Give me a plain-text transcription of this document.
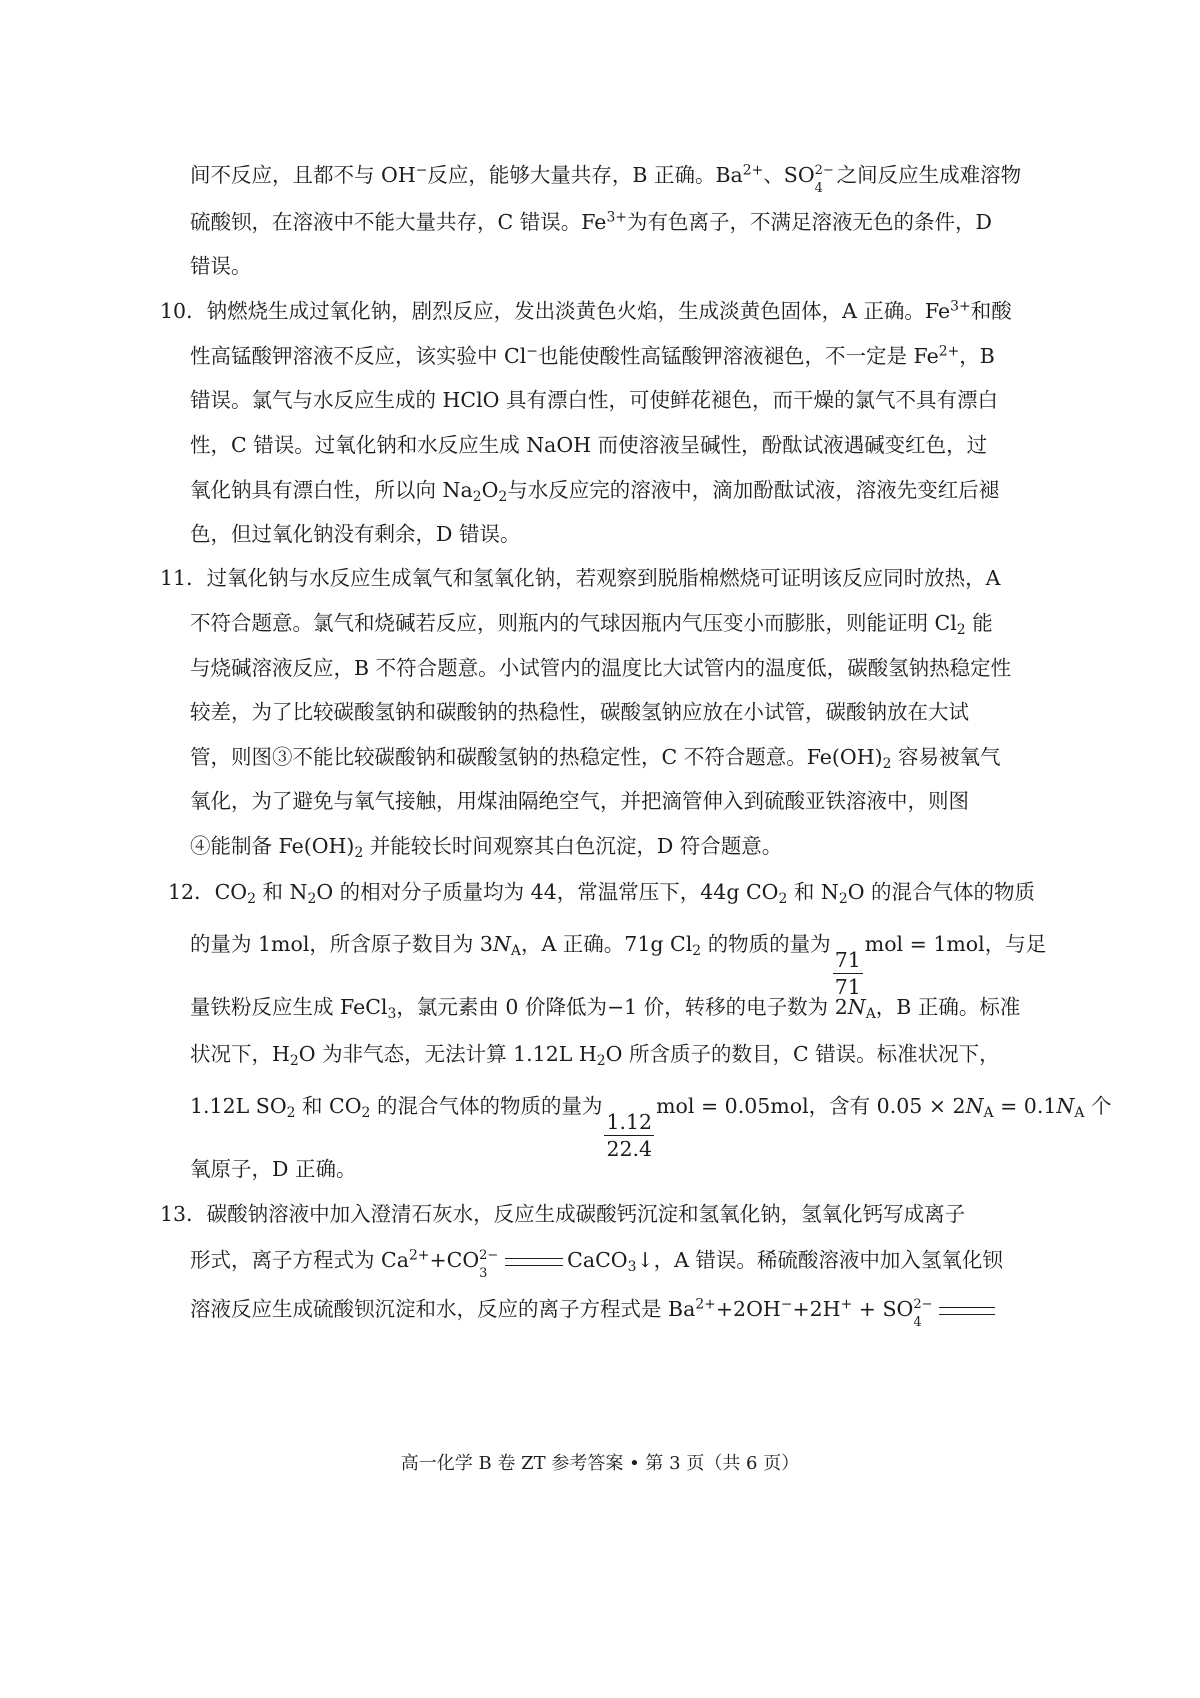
间不反应，且都不与 OH−反应，能够大量共存，B 正确。$Ba^{2+}$、SO 2−
4
之间反应生成难溶物
硫酸钡，在溶液中不能大量共存，C 错误。$Fe^{3+}$为有色离子，不满足溶液无色的条件，D
错误。
10．钠燃烧生成过氧化钠，剧烈反应，发出淡黄色火焰，生成淡黄色固体，A 正确。$Fe^{3+}$和酸
性高锰酸钾溶液不反应，该实验中 Cl−也能使酸性高锰酸钾溶液褪色，不一定是 $Fe^{2+}$，B
错误。氯气与水反应生成的 HClO 具有漂白性，可使鲜花褪色，而干燥的氯气不具有漂白
性，C 错误。过氧化钠和水反应生成 NaOH 而使溶液呈碱性，酚酞试液遇碱变红色，过
氧化钠具有漂白性，所以向 $Na_2O_2$与水反应完的溶液中，滴加酚酞试液，溶液先变红后褪
色，但过氧化钠没有剩余，D 错误。
11．过氧化钠与水反应生成氧气和氢氧化钠，若观察到脱脂棉燃烧可证明该反应同时放热，A
不符合题意。氯气和烧碱若反应，则瓶内的气球因瓶内气压变小而膨胀，则能证明 $Cl_2$ 能
与烧碱溶液反应，B 不符合题意。小试管内的温度比大试管内的温度低，碳酸氢钠热稳定性
较差，为了比较碳酸氢钠和碳酸钠的热稳性，碳酸氢钠应放在小试管，碳酸钠放在大试
管，则图③不能比较碳酸钠和碳酸氢钠的热稳定性，C 不符合题意。$Fe(OH)_2$ 容易被氧气
氧化，为了避免与氧气接触，用煤油隔绝空气，并把滴管伸入到硫酸亚铁溶液中，则图
④能制备 $Fe(OH)_2$ 并能较长时间观察其白色沉淀，D 符合题意。
12．$CO_2$ 和 $N_2O$ 的相对分子质量均为 44，常温常压下，44g $CO_2$ 和 $N_2O$ 的混合气体的物质
的量为 1mol，所含原子数目为 $3N_A$，A 正确。71g $Cl_2$ 的物质的量为
$\frac{71}{71}$
mol = 1mol，与足
量铁粉反应生成 FeCl$_3$，氯元素由 0 价降低为−1 价，转移的电子数为 $2N_A$，B 正确。标准
状况下，$H_2O$ 为非气态，无法计算 1.12L $H_2O$ 所含质子的数目，C 错误。标准状况下，
1.12L $SO_2$ 和 $CO_2$ 的混合气体的物质的量为
$\frac{1.12}{22.4}$
mol = 0.05mol，含有 $0.05 \times 2N_A = 0.1N_A$ 个
氧原子，D 正确。
13．碳酸钠溶液中加入澄清石灰水，反应生成碳酸钙沉淀和氢氧化钠，氢氧化钙写成离子
形式，离子方程式为 $Ca^{2+}+CO$ 2−
3
CaCO$_3$↓，A 错误。稀硫酸溶液中加入氢氧化钡
溶液反应生成硫酸钡沉淀和水，反应的离子方程式是 $Ba^{2+}+2OH^-+2H^+$ + SO 2−
4
高一化学 B 卷 ZT 参考答案 • 第 3 页（共 6 页）
